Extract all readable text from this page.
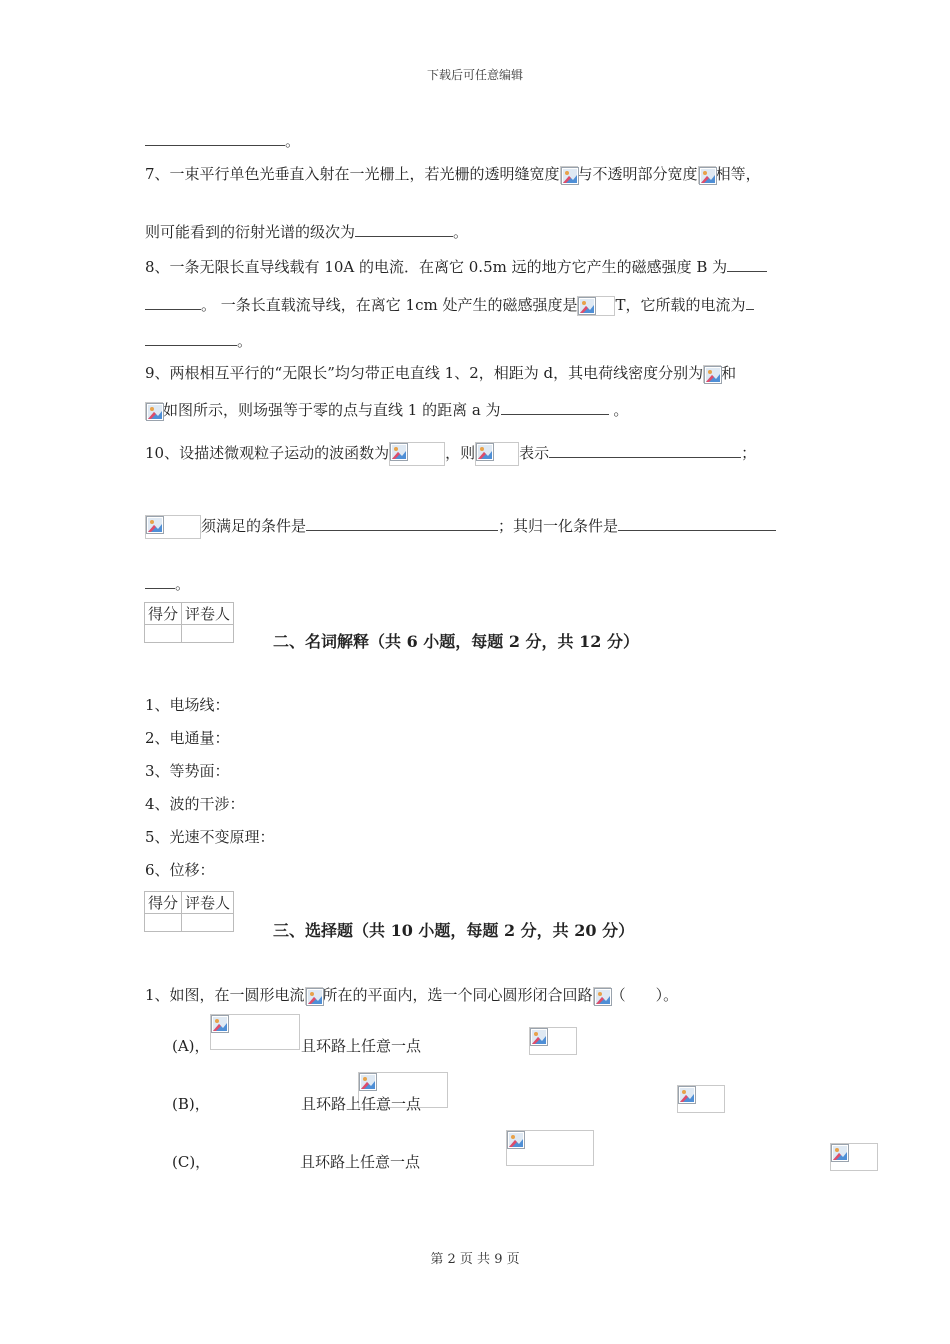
下载后可任意编辑
。
7、一束平行单色光垂直入射在一光栅上，若光栅的透明缝宽度 与不透明部分宽度 相等，
则可能看到的衍射光谱的级次为	。
8、一条无限长直导线载有 10A 的电流．在离它 0.5m 远的地方它产生的磁感强度 B 为
。 一条长直载流导线，在离它 1cm 处产生的磁感强度是	T，它所载的电流为
。
9、两根相互平行的“无限长”均匀带正电直线 1、2，相距为 d，其电荷线密度分别为 和
如图所示，则场强等于零的点与直线 1 的距离 a 为	。
10、设描述微观粒子运动的波函数为	，则	表示	；
须满足的条件是	；其归一化条件是
。
得分	评卷人

二、名词解释（共 6 小题，每题 2 分，共 12 分）
1、电场线：
2、电通量：
3、等势面：
4、波的干涉：
5、光速不变原理：
6、位移：
得分	评卷人

三、选择题（共 10 小题，每题 2 分，共 20 分）
1、如图，在一圆形电流 所在的平面内，选一个同心圆形闭合回路 （　　）。
(A)，
	且环路上任意一点

(B)，
	且环路上任意一点

(C)，
	且环路上任意一点
第 2 页 共 9 页
